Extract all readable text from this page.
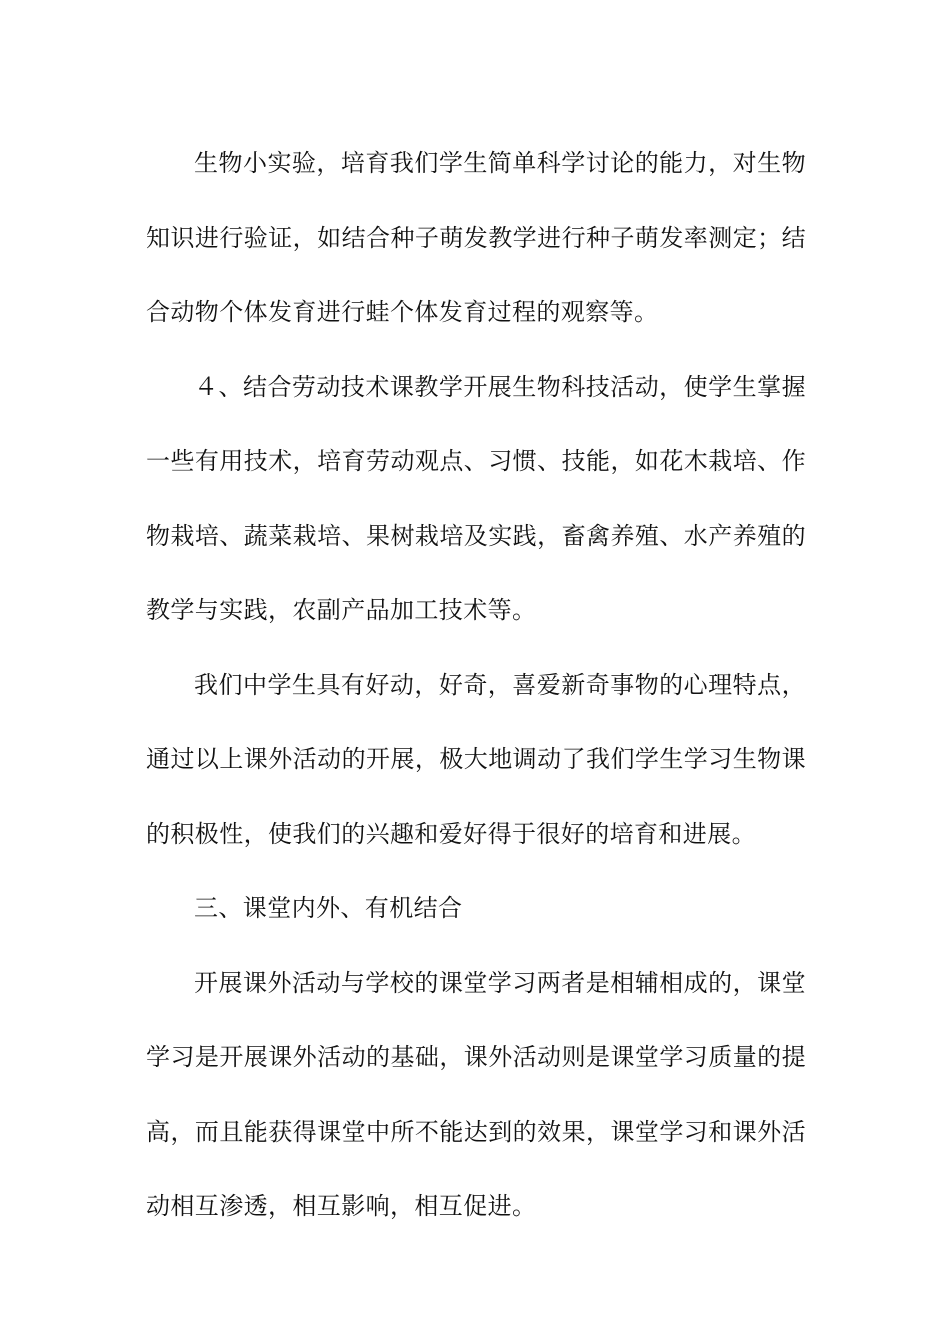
生物小实验，培育我们学生简单科学讨论的能力，对生物知识进行验证，如结合种子萌发教学进行种子萌发率测定；结合动物个体发育进行蛙个体发育过程的观察等。

４、结合劳动技术课教学开展生物科技活动，使学生掌握一些有用技术，培育劳动观点、习惯、技能，如花木栽培、作物栽培、蔬菜栽培、果树栽培及实践，畜禽养殖、水产养殖的教学与实践，农副产品加工技术等。

我们中学生具有好动，好奇，喜爱新奇事物的心理特点，通过以上课外活动的开展，极大地调动了我们学生学习生物课的积极性，使我们的兴趣和爱好得于很好的培育和进展。

三、课堂内外、有机结合

开展课外活动与学校的课堂学习两者是相辅相成的，课堂学习是开展课外活动的基础，课外活动则是课堂学习质量的提高，而且能获得课堂中所不能达到的效果，课堂学习和课外活动相互渗透，相互影响，相互促进。
